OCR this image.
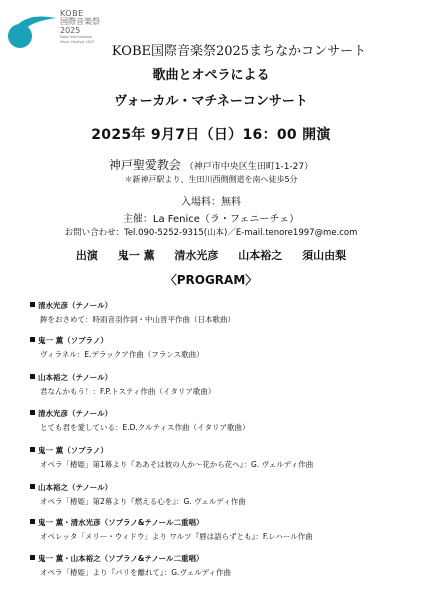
KOBE
国際音楽祭
2025
Kobe International
Music Festival 2025
KOBE国際音楽祭2025まちなかコンサート
歌曲とオペラによる
ヴォーカル・マチネーコンサート
2025年 9月7日（日）16：00 開演
神戸聖愛教会 （神戸市中央区生田町1-1-27）
＊新神戸駅より、生田川西側側道を南へ徒歩5分
入場料：無料
主催：La Fenice（ラ・フェニーチェ）
お問い合わせ：Tel.090-5252-9315(山本)／E-mail.tenore1997@me.com
出演 鬼一 薫 清水光彦 山本裕之 須山由梨
〈PROGRAM〉
清水光彦（テノール）
鉾をおさめて：時雨音羽作詞・中山晋平作曲（日本歌曲）
鬼一 薫（ソプラノ）
ヴィラネル：E.デラックア作曲（フランス歌曲）
山本裕之（テノール）
君なんかもう！：F.P.トスティ作曲（イタリア歌曲）
清水光彦（テノール）
とても君を愛している：E.D.クルティス作曲（イタリア歌曲）
鬼一 薫（ソプラノ）
オペラ「椿姫」第1幕より『ああそは彼の人か〜花から花へ』：G. ヴェルディ作曲
山本裕之（テノール）
オペラ「椿姫」第2幕より『燃える心を』：G. ヴェルディ作曲
鬼一 薫・清水光彦（ソプラノ&テノール二重唱）
オペレッタ「メリー・ウィドウ」より ワルツ『唇は語らずとも』：F.レハール作曲
鬼一 薫・山本裕之（ソプラノ&テノール二重唱）
オペラ「椿姫」より『パリを離れて』：G.ヴェルディ作曲
